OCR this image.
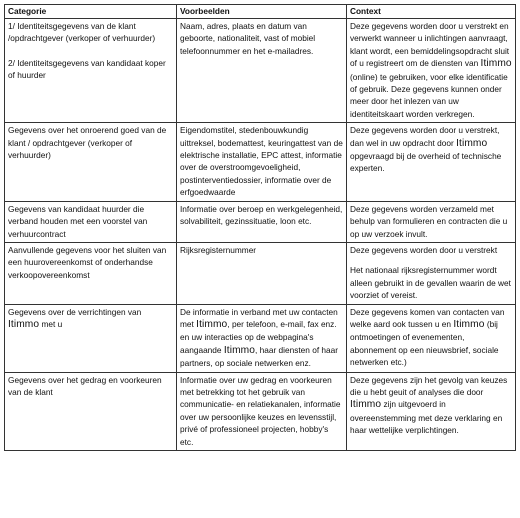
Categorie	Voorbeelden	Context

1/ Identiteitsgegevens van de klant /opdrachtgever (verkoper of verhuurder)
2/ Identiteitsgegevens van kandidaat koper of huurder	Naam, adres, plaats en datum van geboorte, nationaliteit, vast of mobiel telefoonnummer en het e-mailadres.	Deze gegevens worden door u verstrekt en verwerkt wanneer u inlichtingen aanvraagt, klant wordt, een bemiddelingsopdracht sluit of u registreert om de diensten van Itimmo (online) te gebruiken, voor elke identificatie of gebruik. Deze gegevens kunnen onder meer door het inlezen van uw identiteitskaart worden verkregen.
Gegevens over het onroerend goed van de klant / opdrachtgever (verkoper of verhuurder)	Eigendomstitel, stedenbouwkundig uittreksel, bodemattest, keuringattest van de elektrische installatie, EPC attest, informatie over de overstroomgevoeligheid, postinterventiedossier, informatie over de erfgoedwaarde	Deze gegevens worden door u verstrekt, dan wel in uw opdracht door Itimmo opgevraagd bij de overheid of technische experten.
Gegevens van kandidaat huurder die verband houden met een voorstel van verhuurcontract	Informatie over beroep en werkgelegenheid, solvabiliteit, gezinssituatie, loon etc.	Deze gegevens worden verzameld met behulp van formulieren en contracten die u op uw verzoek invult.
Aanvullende gegevens voor het sluiten van een huurovereenkomst of onderhandse verkoopovereenkomst	Rijksregisternummer	Deze gegevens worden door u verstrekt
Het nationaal rijksregisternummer wordt alleen gebruikt in de gevallen waarin de wet voorziet of vereist.

Gegevens over de verrichtingen van Itimmo met u	De informatie in verband met uw contacten met Itimmo, per telefoon, e-mail, fax enz. en uw interacties op de webpagina's aangaande Itimmo, haar diensten of haar partners, op sociale netwerken enz.	Deze gegevens komen van contacten van welke aard ook tussen u en Itimmo (bij ontmoetingen of evenementen, abonnement op een nieuwsbrief, sociale netwerken etc.)
Gegevens over het gedrag en voorkeuren van de klant	Informatie over uw gedrag en voorkeuren met betrekking tot het gebruik van communicatie- en relatiekanalen, informatie over uw persoonlijke keuzes en levensstijl, privé of professioneel projecten, hobby's etc.	Deze gegevens zijn het gevolg van keuzes die u hebt geuit of analyses die door Itimmo zijn uitgevoerd in overeenstemming met deze verklaring en haar wettelijke verplichtingen.
